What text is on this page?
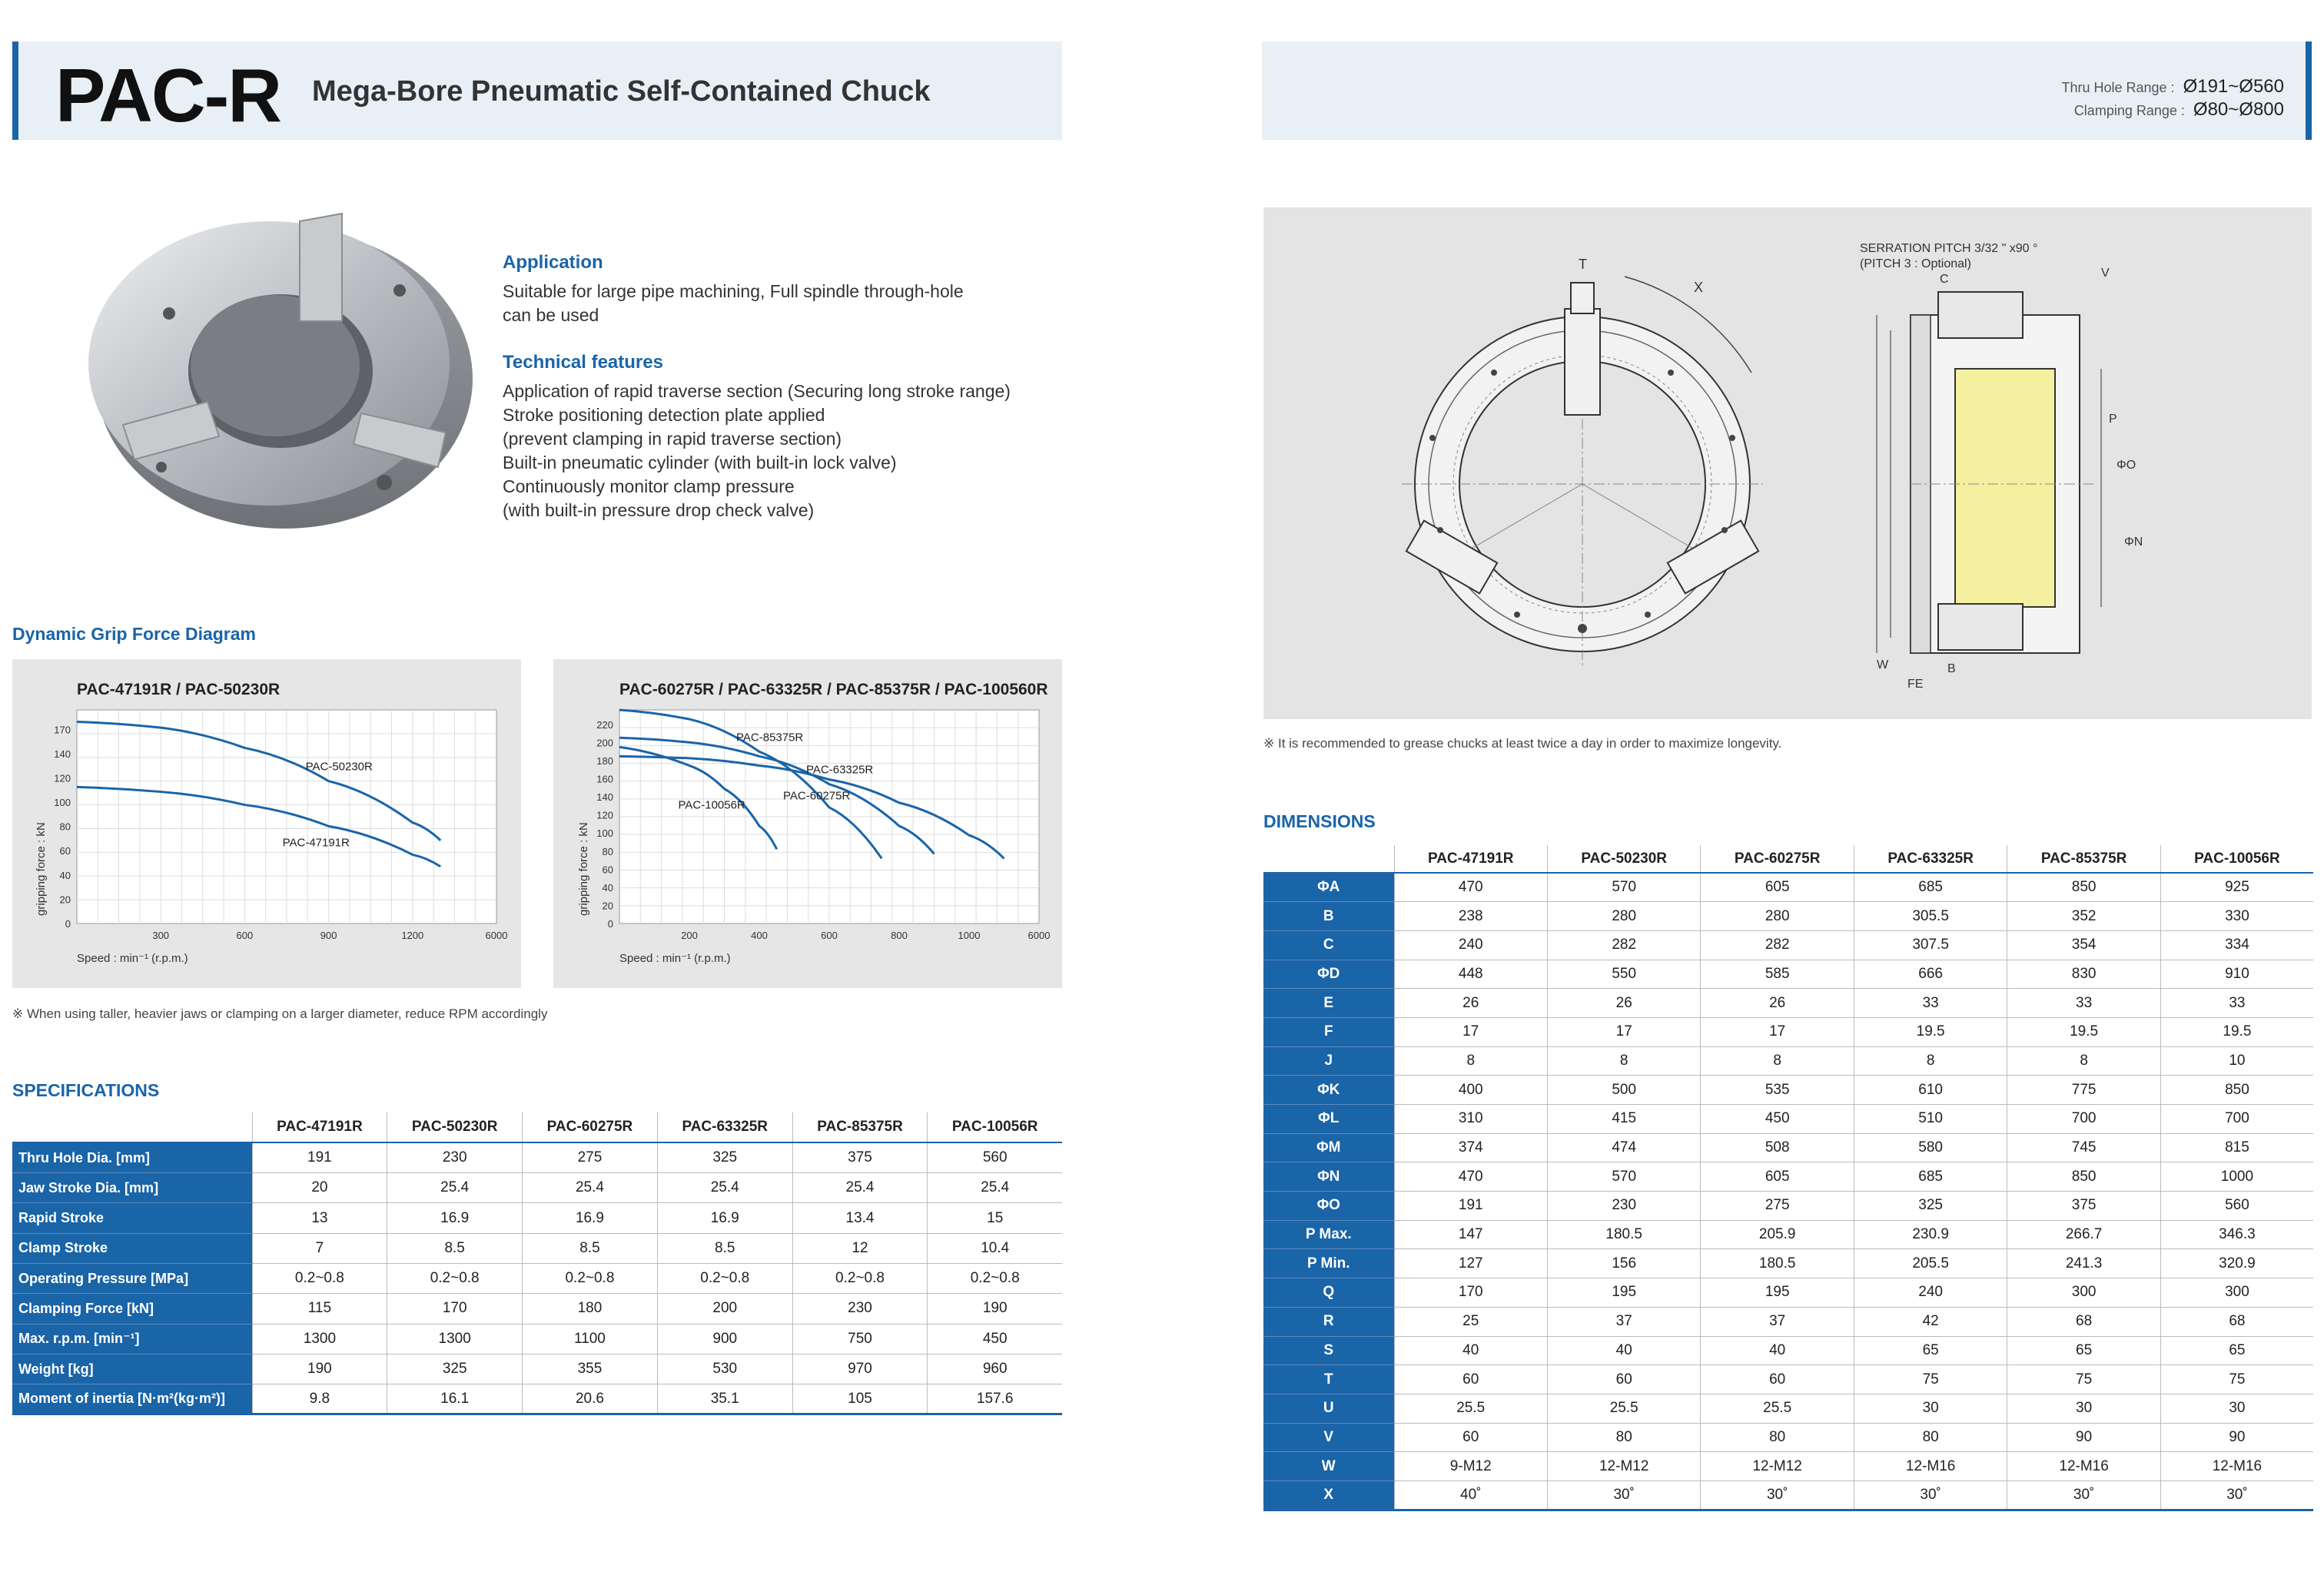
PAC-R Mega-Bore Pneumatic Self-Contained Chuck	Thru Hole Range : Ø191~Ø560
Clamping Range : Ø80~Ø800
Application

Suitable for large pipe machining, Full spindle through-hole

can be used

Technical features

Application of rapid traverse section (Securing long stroke range)

Stroke positioning detection plate applied

(prevent clamping in rapid traverse section)

Built-in pneumatic cylinder (with built-in lock valve)

Continuously monitor clamp pressure

(with built-in pressure drop check valve)

Dynamic Grip Force Diagram
PAC-47191R / PAC-50230R
0
20
40
60
80
100
120
140
170
300	600	900	1200	6000
Speed : min⁻¹ (r.p.m.)
gripping force : kN
PAC-50230R
PAC-47191R
PAC-60275R / PAC-63325R / PAC-85375R / PAC-100560R
0
20
40
60
80
100
120
140
160
180
200
220
200	400	600	800	1000	6000
Speed : min⁻¹ (r.p.m.)
gripping force : kN
PAC-85375R
PAC-60275R
PAC-63325R
PAC-10056R
※ When using taller, heavier jaws or clamping on a larger diameter, reduce RPM accordingly
SPECIFICATIONS
	PAC-47191R	PAC-50230R	PAC-60275R	PAC-63325R	PAC-85375R	PAC-10056R
Thru Hole Dia. [mm]	191	230	275	325	375	560
Jaw Stroke Dia. [mm]	20	25.4	25.4	25.4	25.4	25.4
Rapid Stroke	13	16.9	16.9	16.9	13.4	15
Clamp Stroke	7	8.5	8.5	8.5	12	10.4
Operating Pressure [MPa]	0.2~0.8	0.2~0.8	0.2~0.8	0.2~0.8	0.2~0.8	0.2~0.8
Clamping Force [kN]	115	170	180	200	230	190
Max. r.p.m. [min⁻¹]	1300	1300	1100	900	750	450
Weight [kg]	190	325	355	530	970	960
Moment of inertia [N·m²(kg·m²)]	9.8	16.1	20.6	35.1	105	157.6
X
T
SERRATION PITCH 3/32 " x90 °
(PITCH 3 : Optional)
C	V
P
ΦO
ΦN
W	B
FE
※ It is recommended to grease chucks at least twice a day in order to maximize longevity.
DIMENSIONS
	PAC-47191R	PAC-50230R	PAC-60275R	PAC-63325R	PAC-85375R	PAC-10056R
ΦA	470	570	605	685	850	925
B	238	280	280	305.5	352	330
C	240	282	282	307.5	354	334
ΦD	448	550	585	666	830	910
E	26	26	26	33	33	33
F	17	17	17	19.5	19.5	19.5
J	8	8	8	8	8	10
ΦK	400	500	535	610	775	850
ΦL	310	415	450	510	700	700
ΦM	374	474	508	580	745	815
ΦN	470	570	605	685	850	1000
ΦO	191	230	275	325	375	560
P Max.	147	180.5	205.9	230.9	266.7	346.3
P Min.	127	156	180.5	205.5	241.3	320.9
Q	170	195	195	240	300	300
R	25	37	37	42	68	68
S	40	40	40	65	65	65
T	60	60	60	75	75	75
U	25.5	25.5	25.5	30	30	30
V	60	80	80	80	90	90
W	9-M12	12-M12	12-M12	12-M16	12-M16	12-M16
X	40˚	30˚	30˚	30˚	30˚	30˚
